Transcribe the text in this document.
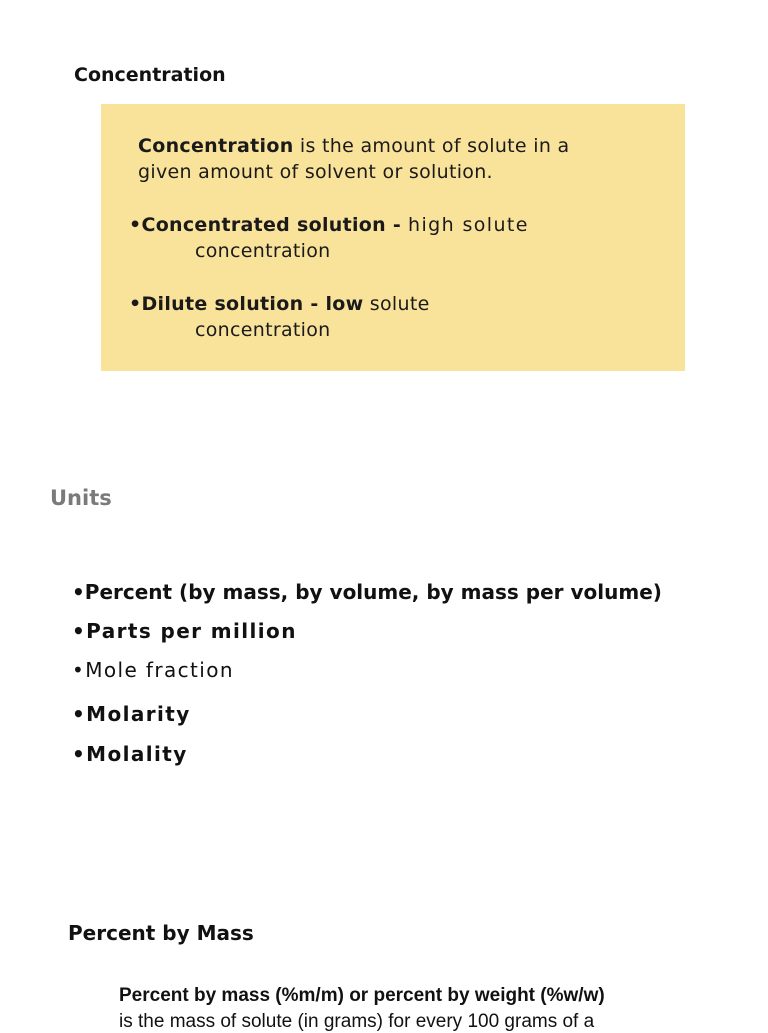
Concentration
Concentration is the amount of solute in a
given amount of solvent or solution.
•Concentrated solution - high solute
concentration
•Dilute solution - low solute
concentration
Units
•Percent (by mass, by volume, by mass per volume)
•Parts per million
•Mole fraction
•Molarity
•Molality
Percent by Mass
Percent by mass (%m/m) or percent by weight (%w/w)
is the mass of solute (in grams) for every 100 grams of a
